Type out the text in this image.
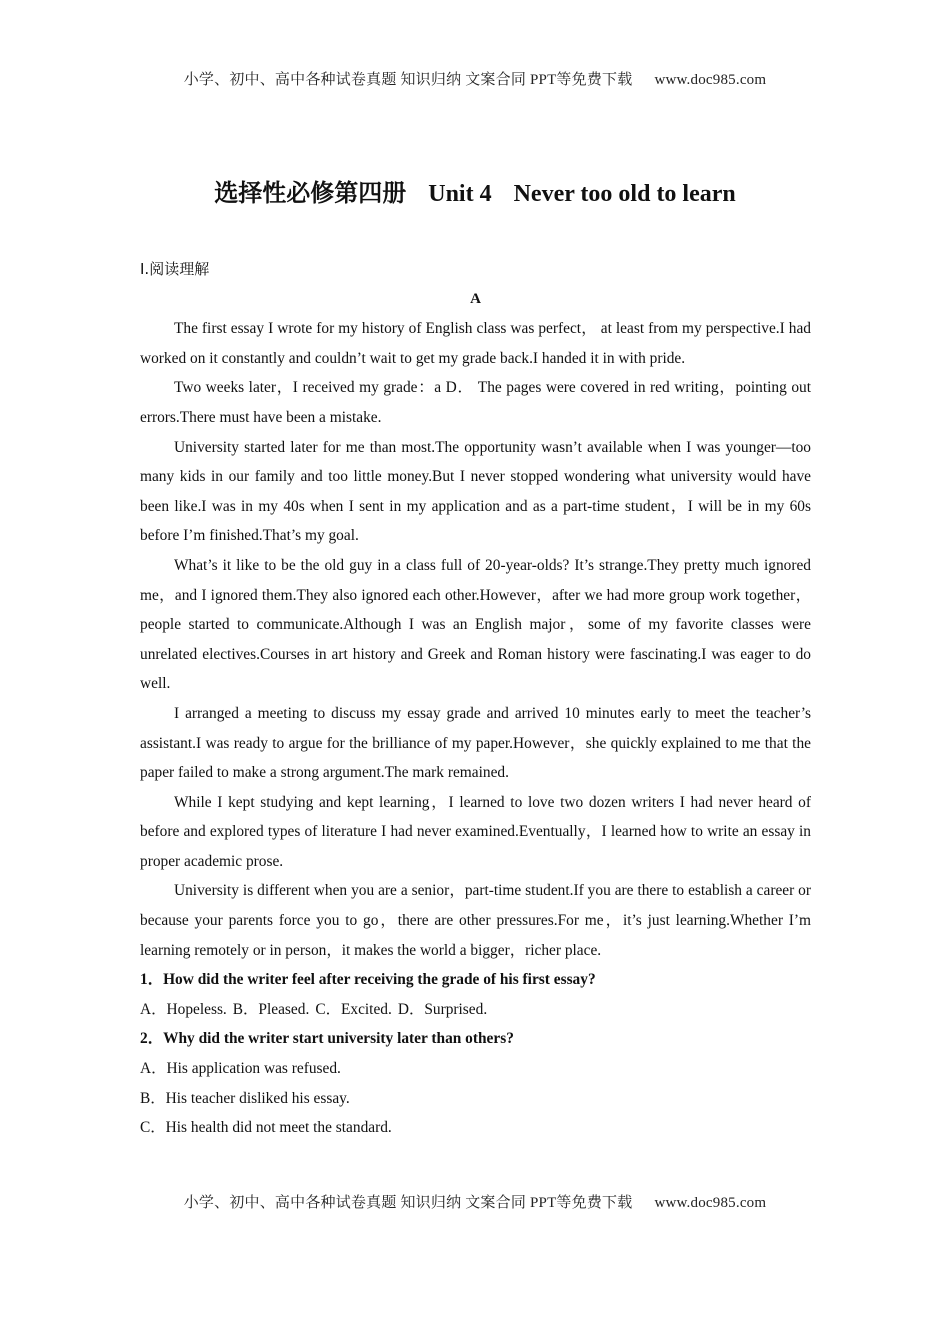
小学、初中、高中各种试卷真题 知识归纳 文案合同 PPT等免费下载 www.doc985.com
选择性必修第四册 Unit 4 Never too old to learn

Ⅰ.阅读理解

A

The first essay I wrote for my history of English class was perfect， at least from my perspective.I had worked on it constantly and couldn’t wait to get my grade back.I handed it in with pride.

Two weeks later，I received my grade：a D． The pages were covered in red writing，pointing out errors.There must have been a mistake.

University started later for me than most.The opportunity wasn’t available when I was younger—too many kids in our family and too little money.But I never stopped wondering what university would have been like.I was in my 40s when I sent in my application and as a part-time student，I will be in my 60s before I’m finished.That’s my goal.

What’s it like to be the old guy in a class full of 20-year-olds? It’s strange.They pretty much ignored me，and I ignored them.They also ignored each other.However，after we had more group work together，people started to communicate.Although I was an English major，some of my favorite classes were unrelated electives.Courses in art history and Greek and Roman history were fascinating.I was eager to do well.

I arranged a meeting to discuss my essay grade and arrived 10 minutes early to meet the teacher’s assistant.I was ready to argue for the brilliance of my paper.However，she quickly explained to me that the paper failed to make a strong argument.The mark remained.

While I kept studying and kept learning，I learned to love two dozen writers I had never heard of before and explored types of literature I had never examined.Eventually，I learned how to write an essay in proper academic prose.

University is different when you are a senior，part-time student.If you are there to establish a career or because your parents force you to go，there are other pressures.For me，it’s just learning.Whether I’m learning remotely or in person，it makes the world a bigger，richer place.

1．How did the writer feel after receiving the grade of his first essay?

A．Hopeless. B．Pleased. C．Excited. D．Surprised.

2．Why did the writer start university later than others?

A．His application was refused.

B．His teacher disliked his essay.

C．His health did not meet the standard.

小学、初中、高中各种试卷真题 知识归纳 文案合同 PPT等免费下载 www.doc985.com
